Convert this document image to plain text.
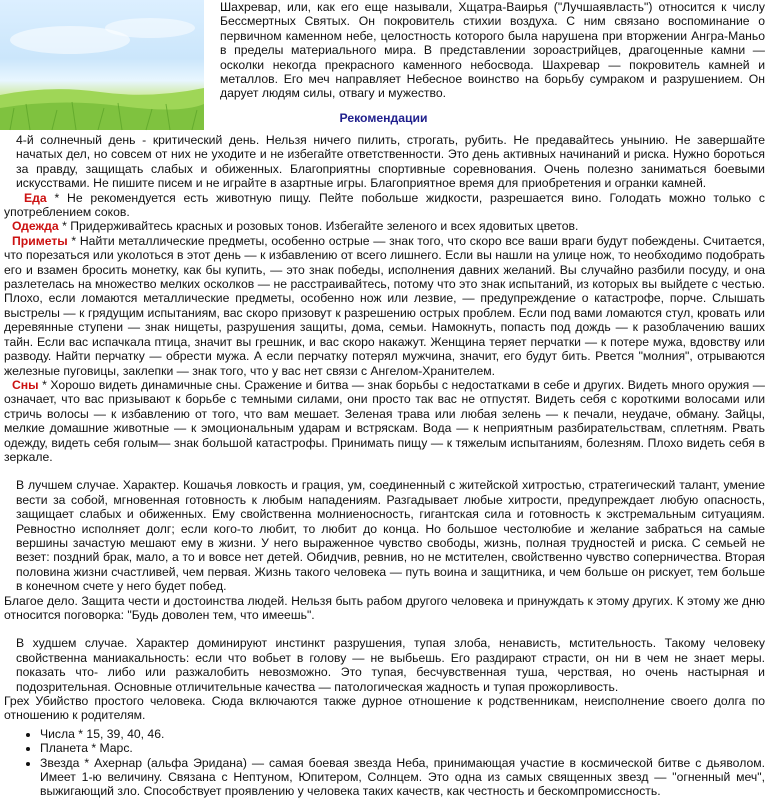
Шахревар, или, как его еще называли, Хщатра-Ваирья ("Лучшаявласть") относится к числу Бессмертных Святых. Он покровитель стихии воздуха. С ним связано воспоминание о первичном каменном небе, целостность которого была нарушена при вторжении Ангра-Маньо в пределы материального мира. В представлении зороастрийцев, драгоценные камни — осколки некогда прекрасного каменного небосвода. Шахревар — покровитель камней и металлов. Его меч направляет Небесное воинство на борьбу сумраком и разрушением. Он дарует людям силы, отвагу и мужество.

Рекомендации

4-й солнечный день - критический день. Нельзя ничего пилить, строгать, рубить. Не предавайтесь унынию. Не завершайте начатых дел, но совсем от них не уходите и не избегайте ответственности. Это день активных начинаний и риска. Нужно бороться за правду, защищать слабых и обиженных. Благоприятны спортивные соревнования. Очень полезно заниматься боевыми искусствами. Не пишите писем и не играйте в азартные игры. Благоприятное время для приобретения и огранки камней.

Еда * Не рекомендуется есть животную пищу. Пейте побольше жидкости, разрешается вино. Голодать можно только с употреблением соков.

Одежда * Придерживайтесь красных и розовых тонов. Избегайте зеленого и всех ядовитых цветов.

Приметы * Найти металлические предметы, особенно острые — знак того, что скоро все ваши враги будут побеждены. Считается, что порезаться или уколоться в этот день — к избавлению от всего лишнего. Если вы нашли на улице нож, то необходимо подобрать его и взамен бросить монетку, как бы купить, — это знак победы, исполнения давних желаний. Вы случайно разбили посуду, и она разлетелась на множество мелких осколков — не расстраивайтесь, потому что это знак испытаний, из которых вы выйдете с честью. Плохо, если ломаются металлические предметы, особенно нож или лезвие, — предупреждение о катастрофе, порче. Слышать выстрелы — к грядущим испытаниям, вас скоро призовут к разрешению острых проблем. Если под вами ломаются стул, кровать или деревянные ступени — знак нищеты, разрушения защиты, дома, семьи. Намокнуть, попасть под дождь — к разоблачению ваших тайн. Если вас испачкала птица, значит вы грешник, и вас скоро накажут. Женщина теряет перчатки — к потере мужа, вдовству или разводу. Найти перчатку — обрести мужа. А если перчатку потерял мужчина, значит, его будут бить. Рвется "молния", отрываются железные пуговицы, заклепки — знак того, что у вас нет связи с Ангелом-Хранителем.

Сны * Хорошо видеть динамичные сны. Сражение и битва — знак борьбы с недостатками в себе и других. Видеть много оружия — означает, что вас призывают к борьбе с темными силами, они просто так вас не отпустят. Видеть себя с короткими волосами или стричь волосы — к избавлению от того, что вам мешает. Зеленая трава или любая зелень — к печали, неудаче, обману. Зайцы, мелкие домашние животные — к эмоциональным ударам и встряскам. Вода — к неприятным разбирательствам, сплетням. Рвать одежду, видеть себя голым— знак большой катастрофы. Принимать пищу — к тяжелым испытаниям, болезням. Плохо видеть себя в зеркале.

В лучшем случае. Характер. Кошачья ловкость и грация, ум, соединенный с житейской хитростью, стратегический талант, умение вести за собой, мгновенная готовность к любым нападениям. Разгадывает любые хитрости, предупреждает любую опасность, защищает слабых и обиженных. Ему свойственна молниеносность, гигантская сила и готовность к экстремальным ситуациям. Ревностно исполняет долг; если кого-то любит, то любит до конца. Но большое честолюбие и желание забраться на самые вершины зачастую мешают ему в жизни. У него выраженное чувство свободы, жизнь, полная трудностей и риска. С семьей не везет: поздний брак, мало, а то и вовсе нет детей. Обидчив, ревнив, но не мстителен, свойственно чувство соперничества. Вторая половина жизни счастливей, чем первая. Жизнь такого человека — путь воина и защитника, и чем больше он рискует, тем больше в конечном счете у него будет побед.

Благое дело. Защита чести и достоинства людей. Нельзя быть рабом другого человека и принуждать к этому других. К этому же дню относится поговорка: "Будь доволен тем, что имеешь".

В худшем случае. Характер доминируют инстинкт разрушения, тупая злоба, ненависть, мстительность. Такому человеку свойственна маниакальность: если что вобьет в голову — не выбьешь. Его раздирают страсти, он ни в чем не знает меры. показать что- либо или разжалобить невозможно. Это тупая, бесчувственная туша, черствая, но очень настырная и подозрительная. Основные отличительные качества — патологическая жадность и тупая прожорливость.

Грех Убийство простого человека. Сюда включаются также дурное отношение к родственникам, неисполнение своего долга по отношению к родителям.

• Числа * 15, 39, 40, 46.
• Планета * Марс.
• Звезда * Ахернар (альфа Эридана) — самая боевая звезда Неба, принимающая участие в космической битве с дьяволом. Имеет 1-ю величину. Связана с Нептуном, Юпитером, Солнцем. Это одна из самых священных звезд — "огненный меч", выжигающий зло. Способствует проявлению у человека таких качеств, как честность и бескомпромиссность.
